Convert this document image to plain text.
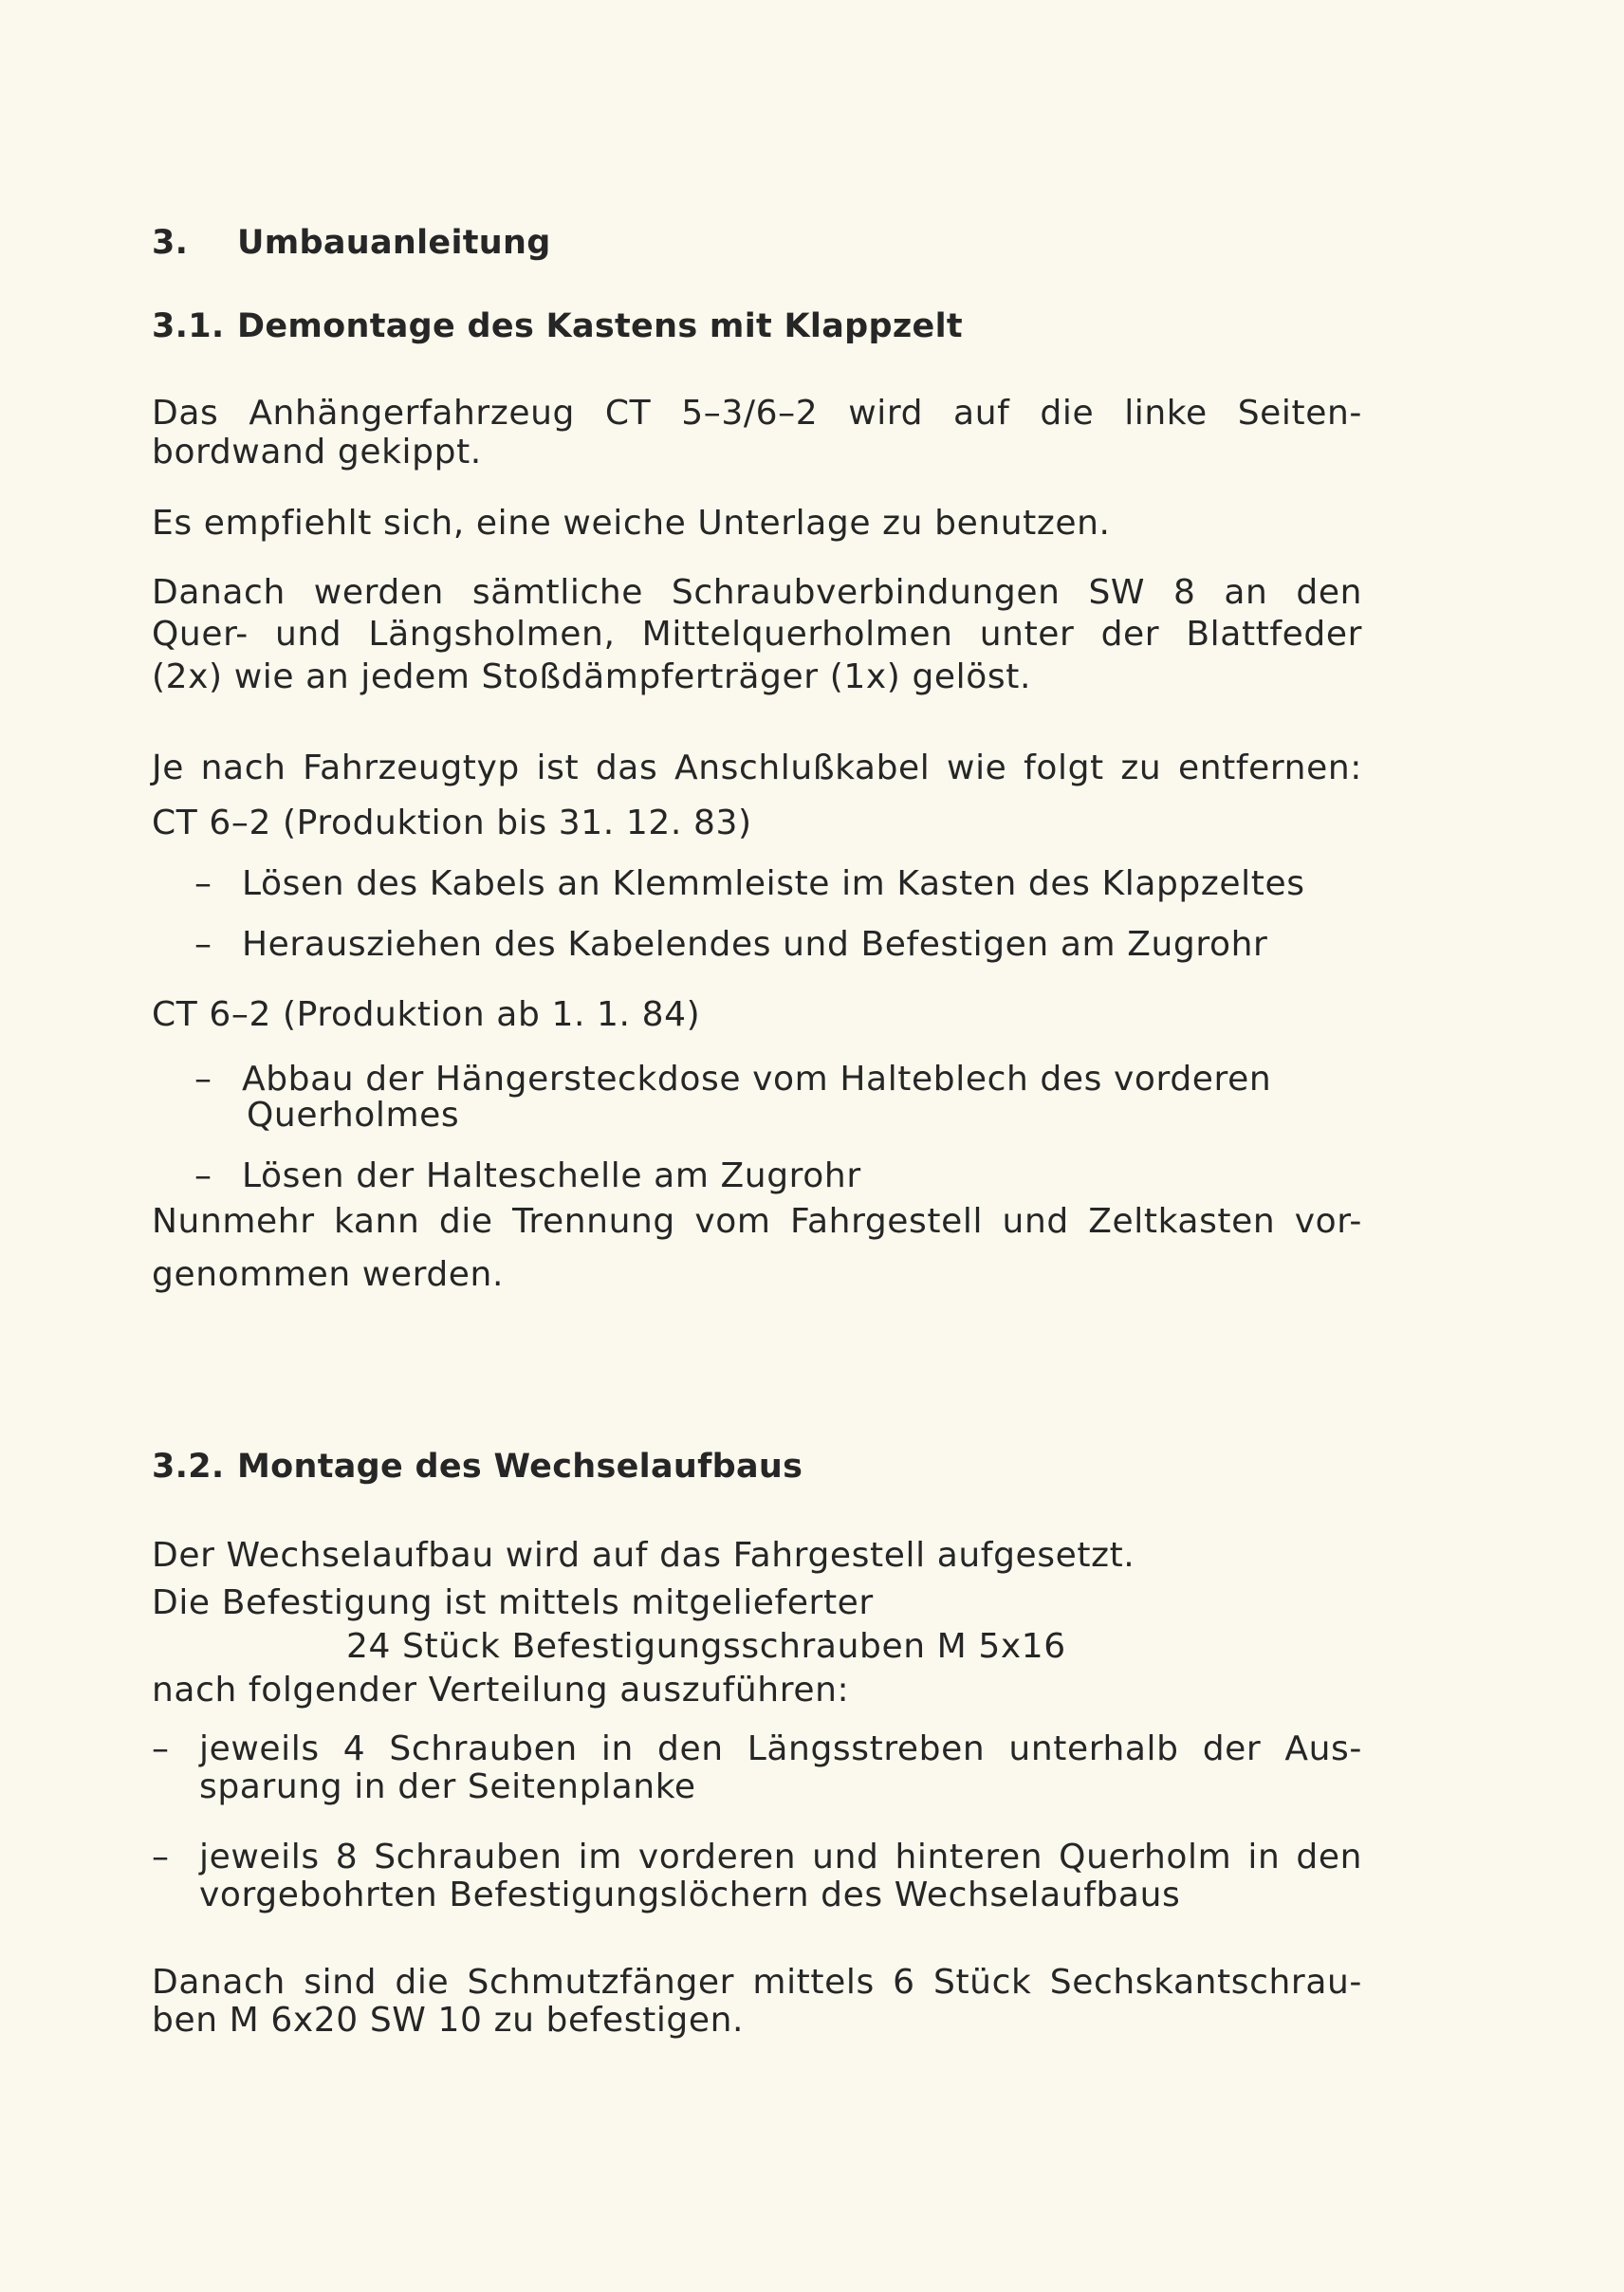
3. Umbauanleitung
3.1. Demontage des Kastens mit Klappzelt
Das Anhängerfahrzeug CT 5–3/6–2 wird auf die linke Seiten-
bordwand gekippt.
Es empfiehlt sich, eine weiche Unterlage zu benutzen.
Danach werden sämtliche Schraubverbindungen SW 8 an den
Quer- und Längsholmen, Mittelquerholmen unter der Blattfeder
(2x) wie an jedem Stoßdämpferträger (1x) gelöst.
Je nach Fahrzeugtyp ist das Anschlußkabel wie folgt zu entfernen:
CT 6–2 (Produktion bis 31. 12. 83)
– Lösen des Kabels an Klemmleiste im Kasten des Klappzeltes
– Herausziehen des Kabelendes und Befestigen am Zugrohr
CT 6–2 (Produktion ab 1. 1. 84)
– Abbau der Hängersteckdose vom Halteblech des vorderen
Querholmes
– Lösen der Halteschelle am Zugrohr
Nunmehr kann die Trennung vom Fahrgestell und Zeltkasten vor-
genommen werden.
3.2. Montage des Wechselaufbaus
Der Wechselaufbau wird auf das Fahrgestell aufgesetzt.
Die Befestigung ist mittels mitgelieferter
24 Stück Befestigungsschrauben M 5x16
nach folgender Verteilung auszuführen:
– jeweils 4 Schrauben in den Längsstreben unterhalb der Aus-
sparung in der Seitenplanke
– jeweils 8 Schrauben im vorderen und hinteren Querholm in den
vorgebohrten Befestigungslöchern des Wechselaufbaus
Danach sind die Schmutzfänger mittels 6 Stück Sechskantschrau-
ben M 6x20 SW 10 zu befestigen.
